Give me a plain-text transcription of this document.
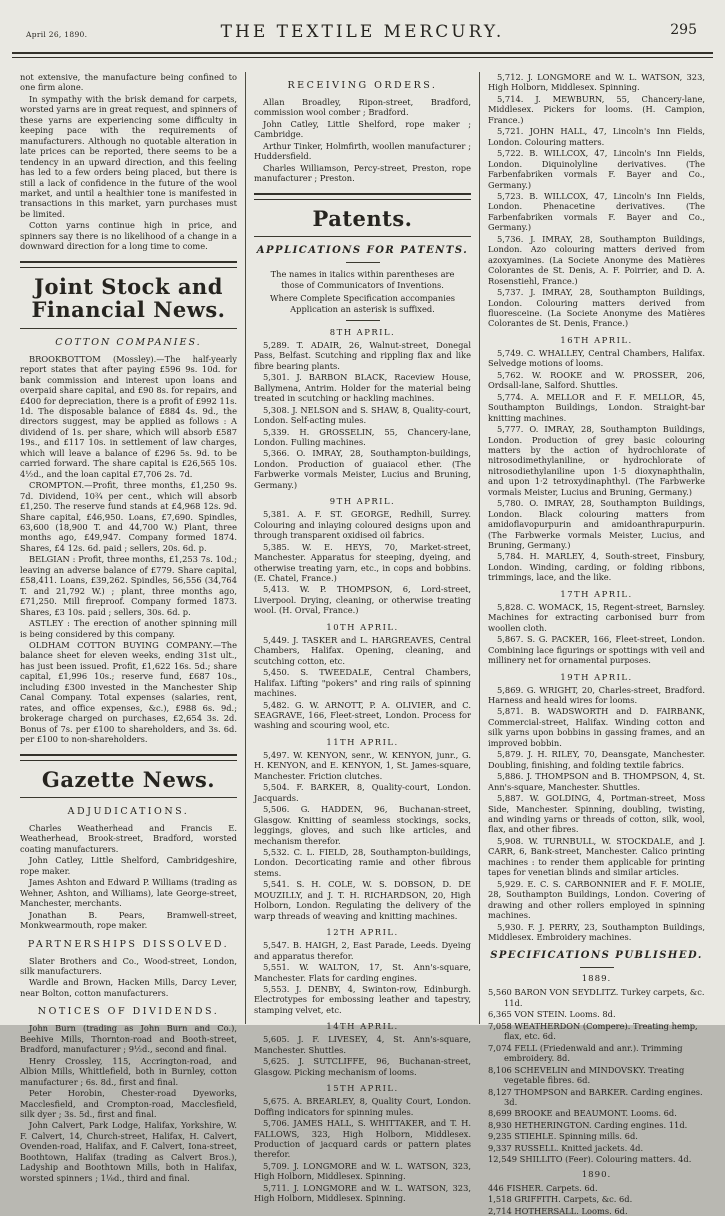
April 26, 1890.	THE TEXTILE MERCURY.	295

not extensive, the manufacture being confined to one firm alone.

In sympathy with the brisk demand for carpets, worsted yarns are in great request, and spinners of these yarns are experiencing some difficulty in keeping pace with the requirements of manufacturers. Although no quotable alteration in late prices can be reported, there seems to be a tendency in an upward direction, and this feeling has led to a few orders being placed, but there is still a lack of confidence in the future of the wool market, and until a healthier tone is manifested in transactions in this market, yarn purchases must be limited.

Cotton yarns continue high in price, and spinners say there is no likelihood of a change in a downward direction for a long time to come.

Joint Stock and Financial News.
COTTON COMPANIES.

BROOKBOTTOM (Mossley).—The half-yearly report states that after paying £596 9s. 10d. for bank commission and interest upon loans and overpaid share capital, and £90 8s. for repairs, and £400 for depreciation, there is a profit of £992 11s. 1d. The disposable balance of £884 4s. 9d., the directors suggest, may be applied as follows : A dividend of 1s. per share, which will absorb £587 19s., and £117 10s. in settlement of law charges, which will leave a balance of £296 5s. 9d. to be carried forward. The share capital is £26,565 10s. 4½d., and the loan capital £7,706 2s. 7d.

CROMPTON.—Profit, three months, £1,250 9s. 7d. Dividend, 10¾ per cent., which will absorb £1,250. The reserve fund stands at £4,968 12s. 9d. Share capital, £46,950. Loans, £7,690. Spindles, 63,600 (18,900 T. and 44,700 W.) Plant, three months ago, £49,947. Company formed 1874. Shares, £4 12s. 6d. paid ; sellers, 20s. 6d. p.

BELGIAN : Profit, three months, £1,253 7s. 10d.; leaving an adverse balance of £779. Share capital, £58,411. Loans, £39,262. Spindles, 56,556 (34,764 T. and 21,792 W.) ; plant, three months ago, £71,250. Mill fireproof. Company formed 1873. Shares, £3 10s. paid ; sellers, 30s. 6d. p.

ASTLEY : The erection of another spinning mill is being considered by this company.

OLDHAM COTTON BUYING COMPANY.—The balance sheet for eleven weeks, ending 31st ult., has just been issued. Profit, £1,622 16s. 5d.; share capital, £1,996 10s.; reserve fund, £687 10s., including £300 invested in the Manchester Ship Canal Company. Total expenses (salaries, rent, rates, and office expenses, &c.), £988 6s. 9d.; brokerage charged on purchases, £2,654 3s. 2d. Bonus of 7s. per £100 to shareholders, and 3s. 6d. per £100 to non-shareholders.

Gazette News.
ADJUDICATIONS.

Charles Weatherhead and Francis E. Weatherhead, Brook-street, Bradford, worsted coating manufacturers.

John Catley, Little Shelford, Cambridgeshire, rope maker.

James Ashton and Edward P. Williams (trading as Wehner, Ashton, and Williams), late George-street, Manchester, merchants.

Jonathan B. Pears, Bramwell-street, Monkwearmouth, rope maker.

PARTNERSHIPS DISSOLVED.

Slater Brothers and Co., Wood-street, London, silk manufacturers.

Wardle and Brown, Hacken Mills, Darcy Lever, near Bolton, cotton manufacturers.

NOTICES OF DIVIDENDS.

John Burn (trading as John Burn and Co.), Beehive Mills, Thornton-road and Booth-street, Bradford, manufacturer ; 9½d., second and final.

Henry Crossley, 115, Accrington-road, and Albion Mills, Whittlefield, both in Burnley, cotton manufacturer ; 6s. 8d., first and final.

Peter Horobin, Chester-road Dyeworks, Macclesfield, and Crompton-road, Macclesfield, silk dyer ; 3s. 5d., first and final.

John Calvert, Park Lodge, Halifax, Yorkshire, W. F. Calvert, 14, Church-street, Halifax, H. Calvert, Ovenden-road, Halifax, and F. Calvert, Iona-street, Boothtown, Halifax (trading as Calvert Bros.), Ladyship and Boothtown Mills, both in Halifax, worsted spinners ; 1⅛d., third and final.

RECEIVING ORDERS.

Allan Broadley, Ripon-street, Bradford, commission wool comber ; Bradford.

John Catley, Little Shelford, rope maker ; Cambridge.

Arthur Tinker, Holmfirth, woollen manufacturer ; Huddersfield.

Charles Williamson, Percy-street, Preston, rope manufacturer ; Preston.

Patents.
APPLICATIONS FOR PATENTS.

The names in italics within parentheses are those of Communicators of Inventions.

Where Complete Specification accompanies Application an asterisk is suffixed.

8TH APRIL.

5,289. T. ADAIR, 26, Walnut-street, Donegal Pass, Belfast. Scutching and rippling flax and like fibre bearing plants.

5,301. J. BARBON BLACK, Raceview House, Ballymena, Antrim. Holder for the material being treated in scutching or hackling machines.

5,308. J. NELSON and S. SHAW, 8, Quality-court, London. Self-acting mules.

5,339. H. GROSSELIN, 55, Chancery-lane, London. Fulling machines.

5,366. O. IMRAY, 28, Southampton-buildings, London. Production of guaiacol ether. (The Farbwerke vormals Meister, Lucius and Bruning, Germany.)

9TH APRIL.

5,381. A. F. ST. GEORGE, Redhill, Surrey. Colouring and inlaying coloured designs upon and through transparent oxidised oil fabrics.

5,385. W. E. HEYS, 70, Market-street, Manchester. Apparatus for steeping, dyeing, and otherwise treating yarn, etc., in cops and bobbins. (E. Chatel, France.)

5,413. W. P. THOMPSON, 6, Lord-street, Liverpool. Drying, cleaning, or otherwise treating wool. (H. Orval, France.)

10TH APRIL.

5,449. J. TASKER and L. HARGREAVES, Central Chambers, Halifax. Opening, cleaning, and scutching cotton, etc.

5,450. S. TWEEDALE, Central Chambers, Halifax. Lifting "pokers" and ring rails of spinning machines.

5,482. G. W. ARNOTT, P. A. OLIVIER, and C. SEAGRAVE, 166, Fleet-street, London. Process for washing and scouring wool, etc.

11TH APRIL.

5,497. W. KENYON, senr., W. KENYON, junr., G. H. KENYON, and E. KENYON, 1, St. James-square, Manchester. Friction clutches.

5,504. F. BARKER, 8, Quality-court, London. Jacquards.

5,506. G. HADDEN, 96, Buchanan-street, Glasgow. Knitting of seamless stockings, socks, leggings, gloves, and such like articles, and mechanism therefor.

5,532. C. L. FIELD, 28, Southampton-buildings, London. Decorticating ramie and other fibrous stems.

5,541. S. H. COLE, W. S. DOBSON, D. DE MOUZILLY, and J. T. H. RICHARDSON, 20, High Holborn, London. Regulating the delivery of the warp threads of weaving and knitting machines.

12TH APRIL.

5,547. B. HAIGH, 2, East Parade, Leeds. Dyeing and apparatus therefor.

5,551. W. WALTON, 17, St. Ann's-square, Manchester. Flats for carding engines.

5,553. J. DENBY, 4, Swinton-row, Edinburgh. Electrotypes for embossing leather and tapestry, stamping velvet, etc.

14TH APRIL.

5,605. J. F. LIVESEY, 4, St. Ann's-square, Manchester. Shuttles.

5,625. J. SUTCLIFFE, 96, Buchanan-street, Glasgow. Picking mechanism of looms.

15TH APRIL.

5,675. A. BREARLEY, 8, Quality Court, London. Doffing indicators for spinning mules.

5,706. JAMES HALL, S. WHITTAKER, and T. H. FALLOWS, 323, High Holborn, Middlesex. Production of jacquard cards or pattern plates therefor.

5,709. J. LONGMORE and W. L. WATSON, 323, High Holborn, Middlesex. Spinning.

5,711. J. LONGMORE and W. L. WATSON, 323, High Holborn, Middlesex. Spinning.

5,712. J. LONGMORE and W. L. WATSON, 323, High Holborn, Middlesex. Spinning.

5,714. J. MEWBURN, 55, Chancery-lane, Middlesex. Pickers for looms. (H. Campion, France.)

5,721. JOHN HALL, 47, Lincoln's Inn Fields, London. Colouring matters.

5,722. B. WILLCOX, 47, Lincoln's Inn Fields, London. Diquinolyline derivatives. (The Farbenfabriken vormals F. Bayer and Co., Germany.)

5,723. B. WILLCOX, 47, Lincoln's Inn Fields, London. Phenacetine derivatives. (The Farbenfabriken vormals F. Bayer and Co., Germany.)

5,736. J. IMRAY, 28, Southampton Buildings, London. Azo colouring matters derived from azoxyamines. (La Societe Anonyme des Matières Colorantes de St. Denis, A. F. Poirrier, and D. A. Rosenstiehl, France.)

5,737. J. IMRAY, 28, Southampton Buildings, London. Colouring matters derived from fluoresceine. (La Societe Anonyme des Matières Colorantes de St. Denis, France.)

16TH APRIL.

5,749. C. WHALLEY, Central Chambers, Halifax. Selvedge motions of looms.

5,762. W. ROOKE and W. PROSSER, 206, Ordsall-lane, Salford. Shuttles.

5,774. A. MELLOR and F. F. MELLOR, 45, Southampton Buildings, London. Straight-bar knitting machines.

5,777. O. IMRAY, 28, Southampton Buildings, London. Production of grey basic colouring matters by the action of hydrochlorate of nitrosodimethylaniline, or hydrochlorate of nitrosodiethylaniline upon 1·5 dioxynaphthalin, and upon 1·2 tetroxydinaphthyl. (The Farbwerke vormals Meister, Lucius and Bruning, Germany.)

5,780. O. IMRAY, 28, Southampton Buildings, London. Black colouring matters from amidoflavopurpurin and amidoanthrapurpurin. (The Farbwerke vormals Meister, Lucius, and Bruning, Germany.)

5,784. H. MARLEY, 4, South-street, Finsbury, London. Winding, carding, or folding ribbons, trimmings, lace, and the like.

17TH APRIL.

5,828. C. WOMACK, 15, Regent-street, Barnsley. Machines for extracting carbonised burr from woollen cloth.

5,867. S. G. PACKER, 166, Fleet-street, London. Combining lace figurings or spottings with veil and millinery net for ornamental purposes.

19TH APRIL.

5,869. G. WRIGHT, 20, Charles-street, Bradford. Harness and heald wires for looms.

5,871. B. WADSWORTH and D. FAIRBANK, Commercial-street, Halifax. Winding cotton and silk yarns upon bobbins in gassing frames, and an improved bobbin.

5,879. J. H. RILEY, 70, Deansgate, Manchester. Doubling, finishing, and folding textile fabrics.

5,886. J. THOMPSON and B. THOMPSON, 4, St. Ann's-square, Manchester. Shuttles.

5,887. W. GOLDING, 4, Portman-street, Moss Side, Manchester. Spinning, doubling, twisting, and winding yarns or threads of cotton, silk, wool, flax, and other fibres.

5,908. W. TURNBULL, W. STOCKDALE, and J. CARR, 6, Bank-street, Manchester. Calico printing machines : to render them applicable for printing tapes for venetian blinds and similar articles.

5,929. E. C. S. CARBONNIER and F. F. MOLIE, 28, Southampton Buildings, London. Covering of drawing and other rollers employed in spinning machines.

5,930. F. J. PERRY, 23, Southampton Buildings, Middlesex. Embroidery machines.

SPECIFICATIONS PUBLISHED.
1889.

5,560 BARON VON SEYDLITZ. Turkey carpets, &c. 11d.

6,365 VON STEIN. Looms. 8d.

7,058 WEATHERDON (Compere). Treating hemp, flax, etc. 6d.

7,074 FELL (Friedenwald and anr.). Trimming embroidery. 8d.

8,106 SCHEVELIN and MINDOVSKY. Treating vegetable fibres. 6d.

8,127 THOMPSON and BARKER. Carding engines. 3d.

8,699 BROOKE and BEAUMONT. Looms. 6d.

8,930 HETHERINGTON. Carding engines. 11d.

9,235 STIEHLE. Spinning mills. 6d.

9,337 RUSSELL. Knitted jackets. 4d.

12,549 SHILLITO (Feer). Colouring matters. 4d.

1890.

446 FISHER. Carpets. 6d.

1,518 GRIFFITH. Carpets, &c. 6d.

2,714 HOTHERSALL. Looms. 6d.
